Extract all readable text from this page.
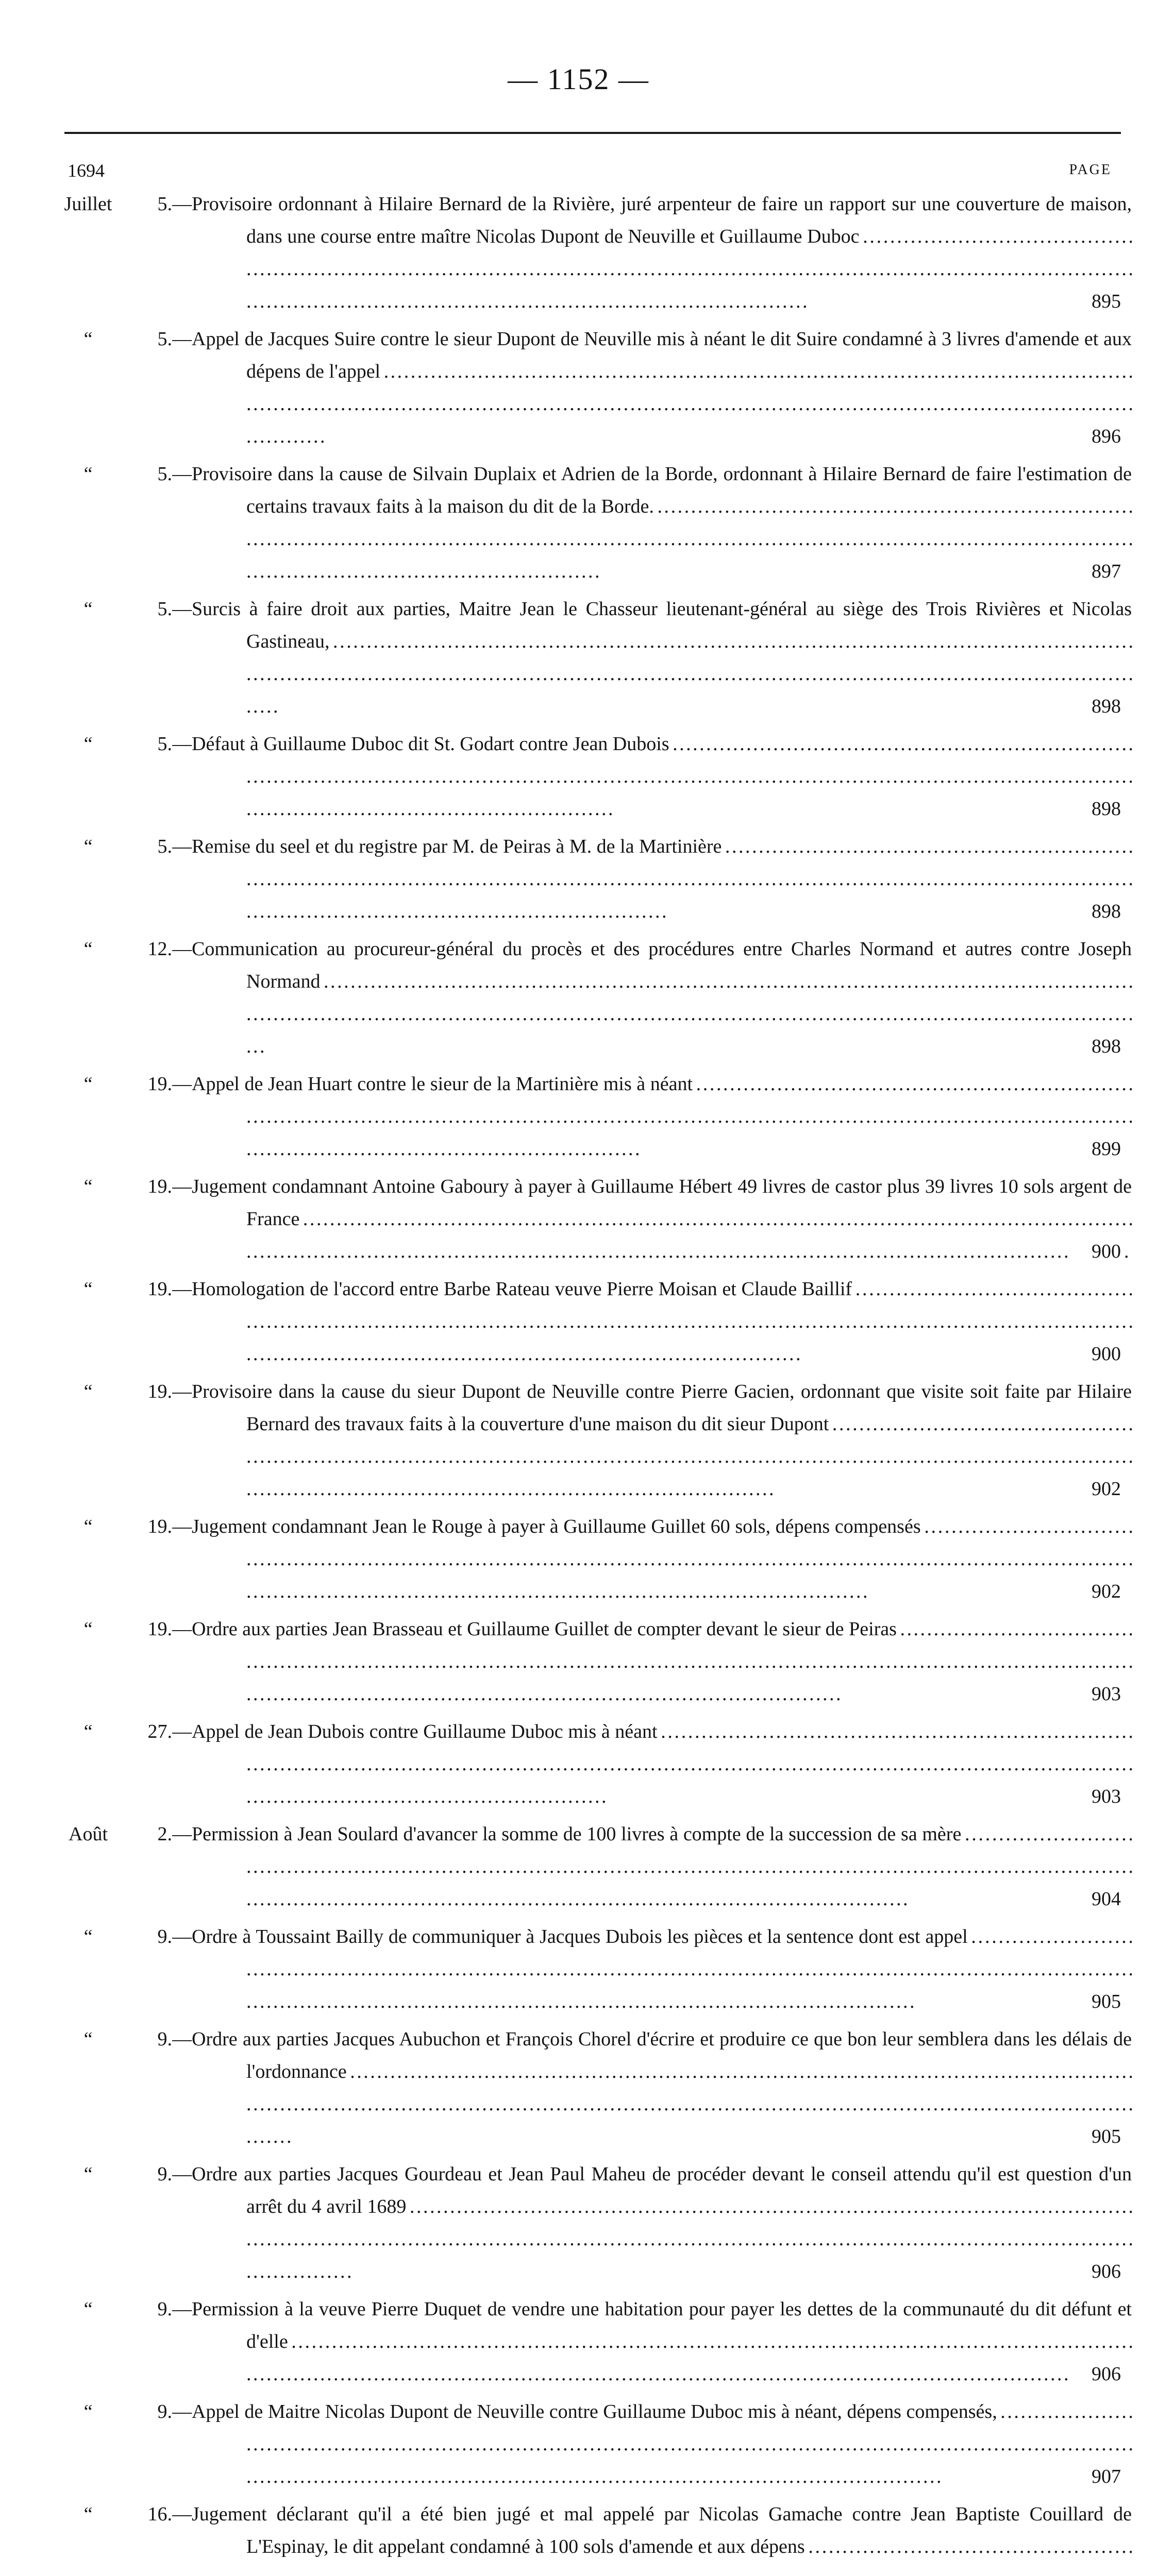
— 1152 —
1694	PAGE
Juillet	5. —Provisoire ordonnant à Hilaire Bernard de la Rivière, juré arpenteur de faire un rapport sur une couverture de maison, dans une course entre maître Nicolas Dupont de Neuville et Guillaume Duboc . . .
895
“	5. —Appel de Jacques Suire contre le sieur Dupont de Neuville mis à néant le dit Suire condamné à 3 livres d'amende et aux dépens de l'appel . . .
896
“	5. —Provisoire dans la cause de Silvain Duplaix et Adrien de la Borde, ordonnant à Hilaire Bernard de faire l'estimation de certains travaux faits à la maison du dit de la Borde. . . .
897
“	5. —Surcis à faire droit aux parties, Maitre Jean le Chasseur lieutenant-général au siège des Trois Rivières et Nicolas Gastineau, . . .
898
“	5. —Défaut à Guillaume Duboc dit St. Godart contre Jean Dubois . . .
898
“	5. —Remise du seel et du registre par M. de Peiras à M. de la Martinière . . .
898
“	12. —Communication au procureur-général du procès et des procédures entre Charles Normand et autres contre Joseph Normand . . .
898
“	19. —Appel de Jean Huart contre le sieur de la Martinière mis à néant . . .
899
“	19. —Jugement condamnant Antoine Gaboury à payer à Guillaume Hébert 49 livres de castor plus 39 livres 10 sols argent de France . . .
900
“	19. —Homologation de l'accord entre Barbe Rateau veuve Pierre Moisan et Claude Baillif . . .
900
“	19. —Provisoire dans la cause du sieur Dupont de Neuville contre Pierre Gacien, ordonnant que visite soit faite par Hilaire Bernard des travaux faits à la couverture d'une maison du dit sieur Dupont . . .
902
“	19. —Jugement condamnant Jean le Rouge à payer à Guillaume Guillet 60 sols, dépens compensés . . .
902
“	19. —Ordre aux parties Jean Brasseau et Guillaume Guillet de compter devant le sieur de Peiras . . .
903
“	27. —Appel de Jean Dubois contre Guillaume Duboc mis à néant . . .
903
Août	2. —Permission à Jean Soulard d'avancer la somme de 100 livres à compte de la succession de sa mère . . .
904
“	9. —Ordre à Toussaint Bailly de communiquer à Jacques Dubois les pièces et la sentence dont est appel . . .
905
“	9. —Ordre aux parties Jacques Aubuchon et François Chorel d'écrire et produire ce que bon leur semblera dans les délais de l'ordonnance . . .
905
“	9. —Ordre aux parties Jacques Gourdeau et Jean Paul Maheu de procéder devant le conseil attendu qu'il est question d'un arrêt du 4 avril 1689 . . .
906
“	9. —Permission à la veuve Pierre Duquet de vendre une habitation pour payer les dettes de la communauté du dit défunt et d'elle . . .
906
“	9. —Appel de Maitre Nicolas Dupont de Neuville contre Guillaume Duboc mis à néant, dépens compensés, . . .
907
“	16. —Jugement déclarant qu'il a été bien jugé et mal appelé par Nicolas Gamache contre Jean Baptiste Couillard de L'Espinay, le dit appelant condamné à 100 sols d'amende et aux dépens . . .
